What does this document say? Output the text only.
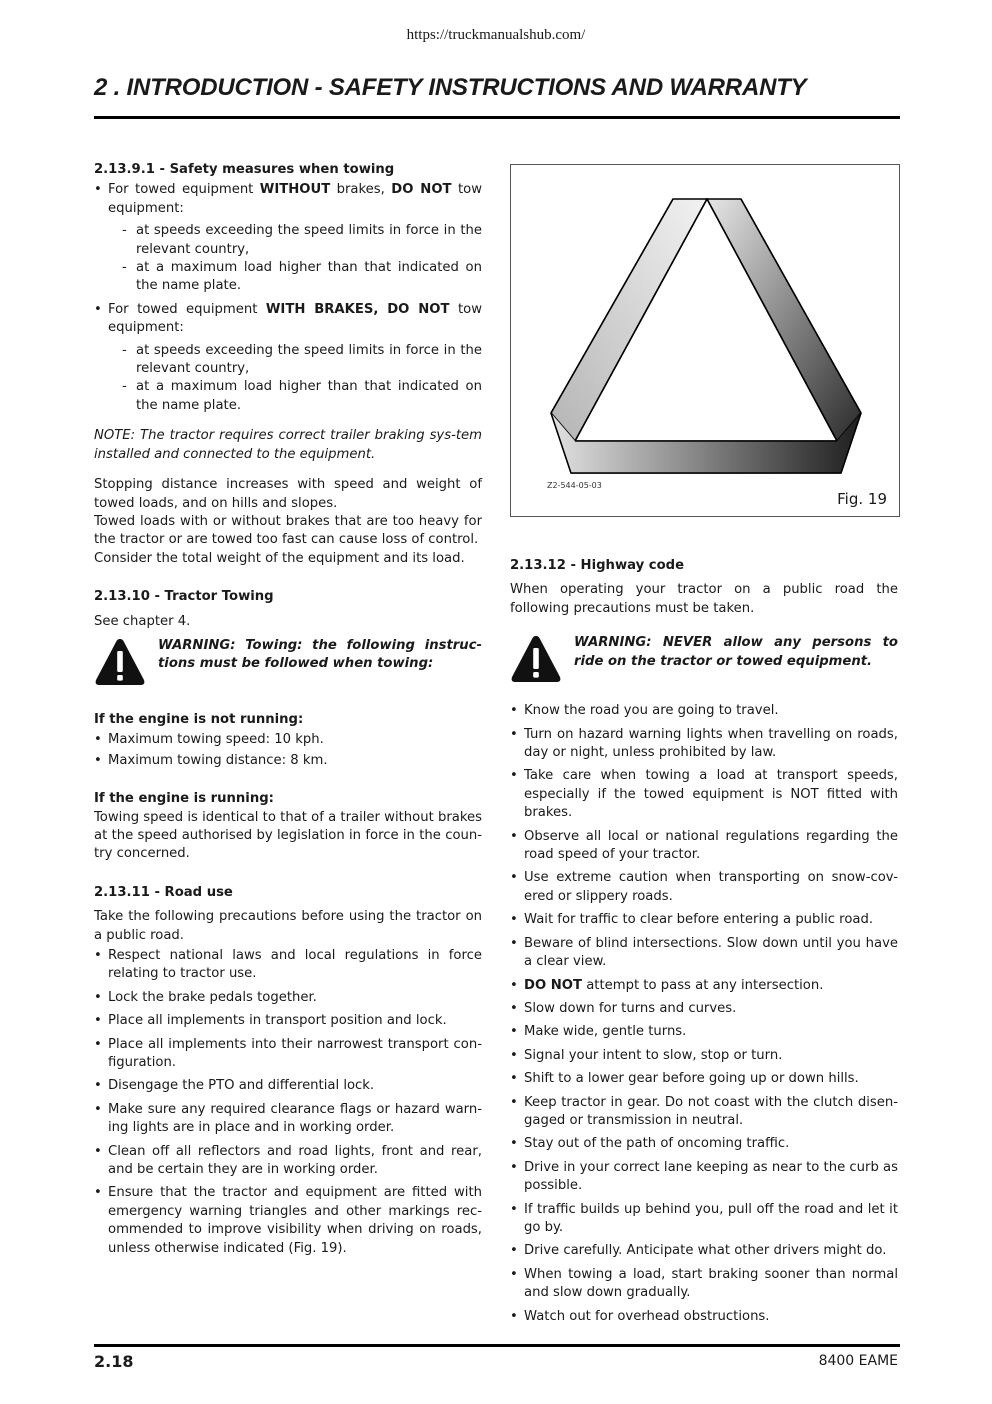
https://truckmanualshub.com/
2 . INTRODUCTION - SAFETY INSTRUCTIONS AND WARRANTY
2.13.9.1 - Safety measures when towing
• For towed equipment WITHOUT brakes, DO NOT tow equipment:
- at speeds exceeding the speed limits in force in the relevant country,
- at a maximum load higher than that indicated on the name plate.
• For towed equipment WITH BRAKES, DO NOT tow equipment:
- at speeds exceeding the speed limits in force in the relevant country,
- at a maximum load higher than that indicated on the name plate.

NOTE: The tractor requires correct trailer braking sys-tem installed and connected to the equipment.

Stopping distance increases with speed and weight of towed loads, and on hills and slopes.

Towed loads with or without brakes that are too heavy for the tractor or are towed too fast can cause loss of control.

Consider the total weight of the equipment and its load.

2.13.10 - Tractor Towing

See chapter 4.

WARNING: Towing: the following instruc-tions must be followed when towing:
If the engine is not running:
• Maximum towing speed: 10 kph.
• Maximum towing distance: 8 km.
If the engine is running:

Towing speed is identical to that of a trailer without brakes at the speed authorised by legislation in force in the coun-try concerned.

2.13.11 - Road use

Take the following precautions before using the tractor on a public road.

• Respect national laws and local regulations in force relating to tractor use.
• Lock the brake pedals together.
• Place all implements in transport position and lock.
• Place all implements into their narrowest transport con-figuration.
• Disengage the PTO and differential lock.
• Make sure any required clearance flags or hazard warn-ing lights are in place and in working order.
• Clean off all reflectors and road lights, front and rear, and be certain they are in working order.
• Ensure that the tractor and equipment are fitted with emergency warning triangles and other markings rec-ommended to improve visibility when driving on roads, unless otherwise indicated (Fig. 19).
Z2-544-05-03
Fig. 19
2.13.12 - Highway code

When operating your tractor on a public road the following precautions must be taken.

WARNING: NEVER allow any persons to ride on the tractor or towed equipment.
• Know the road you are going to travel.
• Turn on hazard warning lights when travelling on roads, day or night, unless prohibited by law.
• Take care when towing a load at transport speeds, especially if the towed equipment is NOT fitted with brakes.
• Observe all local or national regulations regarding the road speed of your tractor.
• Use extreme caution when transporting on snow-cov-ered or slippery roads.
• Wait for traffic to clear before entering a public road.
• Beware of blind intersections. Slow down until you have a clear view.
• DO NOT attempt to pass at any intersection.
• Slow down for turns and curves.
• Make wide, gentle turns.
• Signal your intent to slow, stop or turn.
• Shift to a lower gear before going up or down hills.
• Keep tractor in gear. Do not coast with the clutch disen-gaged or transmission in neutral.
• Stay out of the path of oncoming traffic.
• Drive in your correct lane keeping as near to the curb as possible.
• If traffic builds up behind you, pull off the road and let it go by.
• Drive carefully. Anticipate what other drivers might do.
• When towing a load, start braking sooner than normal and slow down gradually.
• Watch out for overhead obstructions.
2.18	8400 EAME
